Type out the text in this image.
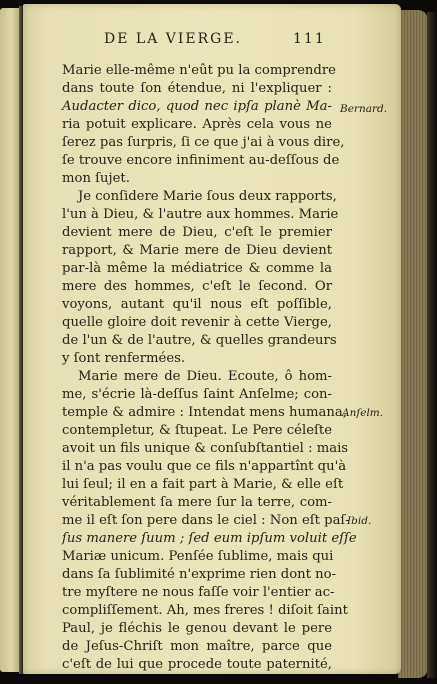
DE LA VIERGE.	111
Marie elle-même n'eût pu la comprendre
dans toute ſon étendue, ni l'expliquer :
Audacter dico, quod nec ipſa planè Ma-
ria potuit explicare. Après cela vous ne
ſerez pas ſurpris, ſi ce que j'ai à vous dire,
ſe trouve encore infiniment au-deſſous de
mon ſujet.
Je conſidere Marie ſous deux rapports,
l'un à Dieu, & l'autre aux hommes. Marie
devient mere de Dieu, c'eſt le premier
rapport, & Marie mere de Dieu devient
par-là même la médiatrice & comme la
mere des hommes, c'eſt le ſecond. Or
voyons, autant qu'il nous eſt poſſible,
quelle gloire doit revenir à cette Vierge,
de l'un & de l'autre, & quelles grandeurs
y ſont renfermées.
Marie mere de Dieu. Ecoute, ô hom-
me, s'écrie là-deſſus ſaint Anſelme; con-
temple & admire : Intendat mens humana,
contempletur, & ſtupeat. Le Pere céleſte
avoit un fils unique & conſubſtantiel : mais
il n'a pas voulu que ce fils n'appartînt qu'à
lui ſeul; il en a fait part à Marie, & elle eſt
véritablement ſa mere ſur la terre, com-
me il eſt ſon pere dans le ciel : Non eſt paſ-
ſus manere ſuum ; ſed eum ipſum voluit eſſe
Mariæ unicum. Penſée ſublime, mais qui
dans ſa ſublimité n'exprime rien dont no-
tre myſtere ne nous faſſe voir l'entier ac-
compliſſement. Ah, mes freres ! diſoit ſaint
Paul, je fléchis le genou devant le pere
de Jeſus-Chriſt mon maître, parce que
c'eſt de lui que procede toute paternité,
Bernard.
Anſelm.
Ibid.
